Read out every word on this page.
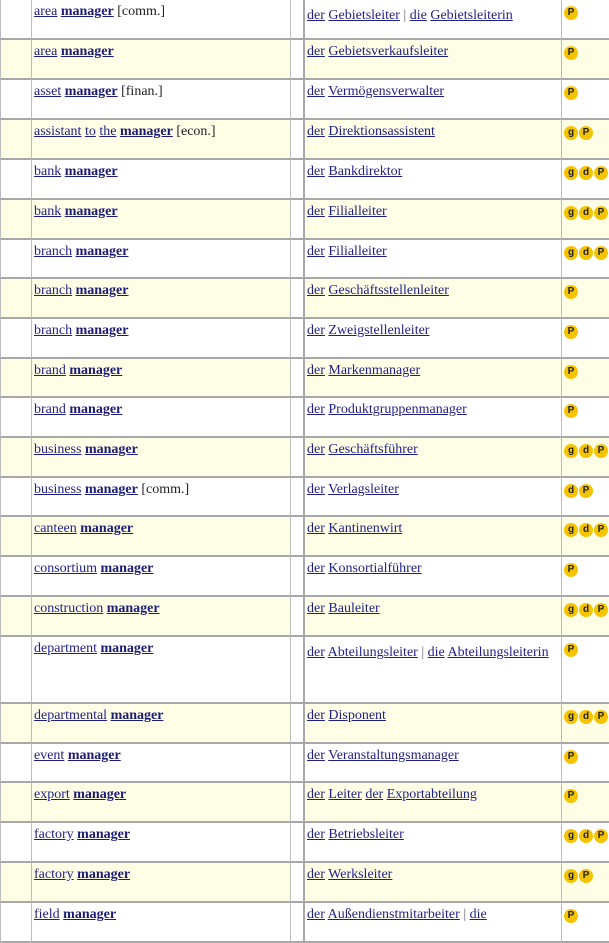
	area manager [comm.]		der Gebietsleiter | die Gebietsleiterin	P

	area manager		der Gebietsverkaufsleiter	P

	asset manager [finan.]		der Vermögensverwalter	P

	assistant to the manager [econ.]		der Direktionsassistent	g P

	bank manager		der Bankdirektor	g d P

	bank manager		der Filialleiter	g d P

	branch manager		der Filialleiter	g d P

	branch manager		der Geschäftsstellenleiter	P

	branch manager		der Zweigstellenleiter	P

	brand manager		der Markenmanager	P

	brand manager		der Produktgruppenmanager	P

	business manager		der Geschäftsführer	g d P

	business manager [comm.]		der Verlagsleiter	d P

	canteen manager		der Kantinenwirt	g d P

	consortium manager		der Konsortialführer	P

	construction manager		der Bauleiter	g d P

	department manager		der Abteilungsleiter | die Abteilungsleiterin	P

	departmental manager		der Disponent	g d P

	event manager		der Veranstaltungsmanager	P

	export manager		der Leiter der Exportabteilung	P

	factory manager		der Betriebsleiter	g d P

	factory manager		der Werksleiter	g P

	field manager		der Außendienstmitarbeiter | die	P
